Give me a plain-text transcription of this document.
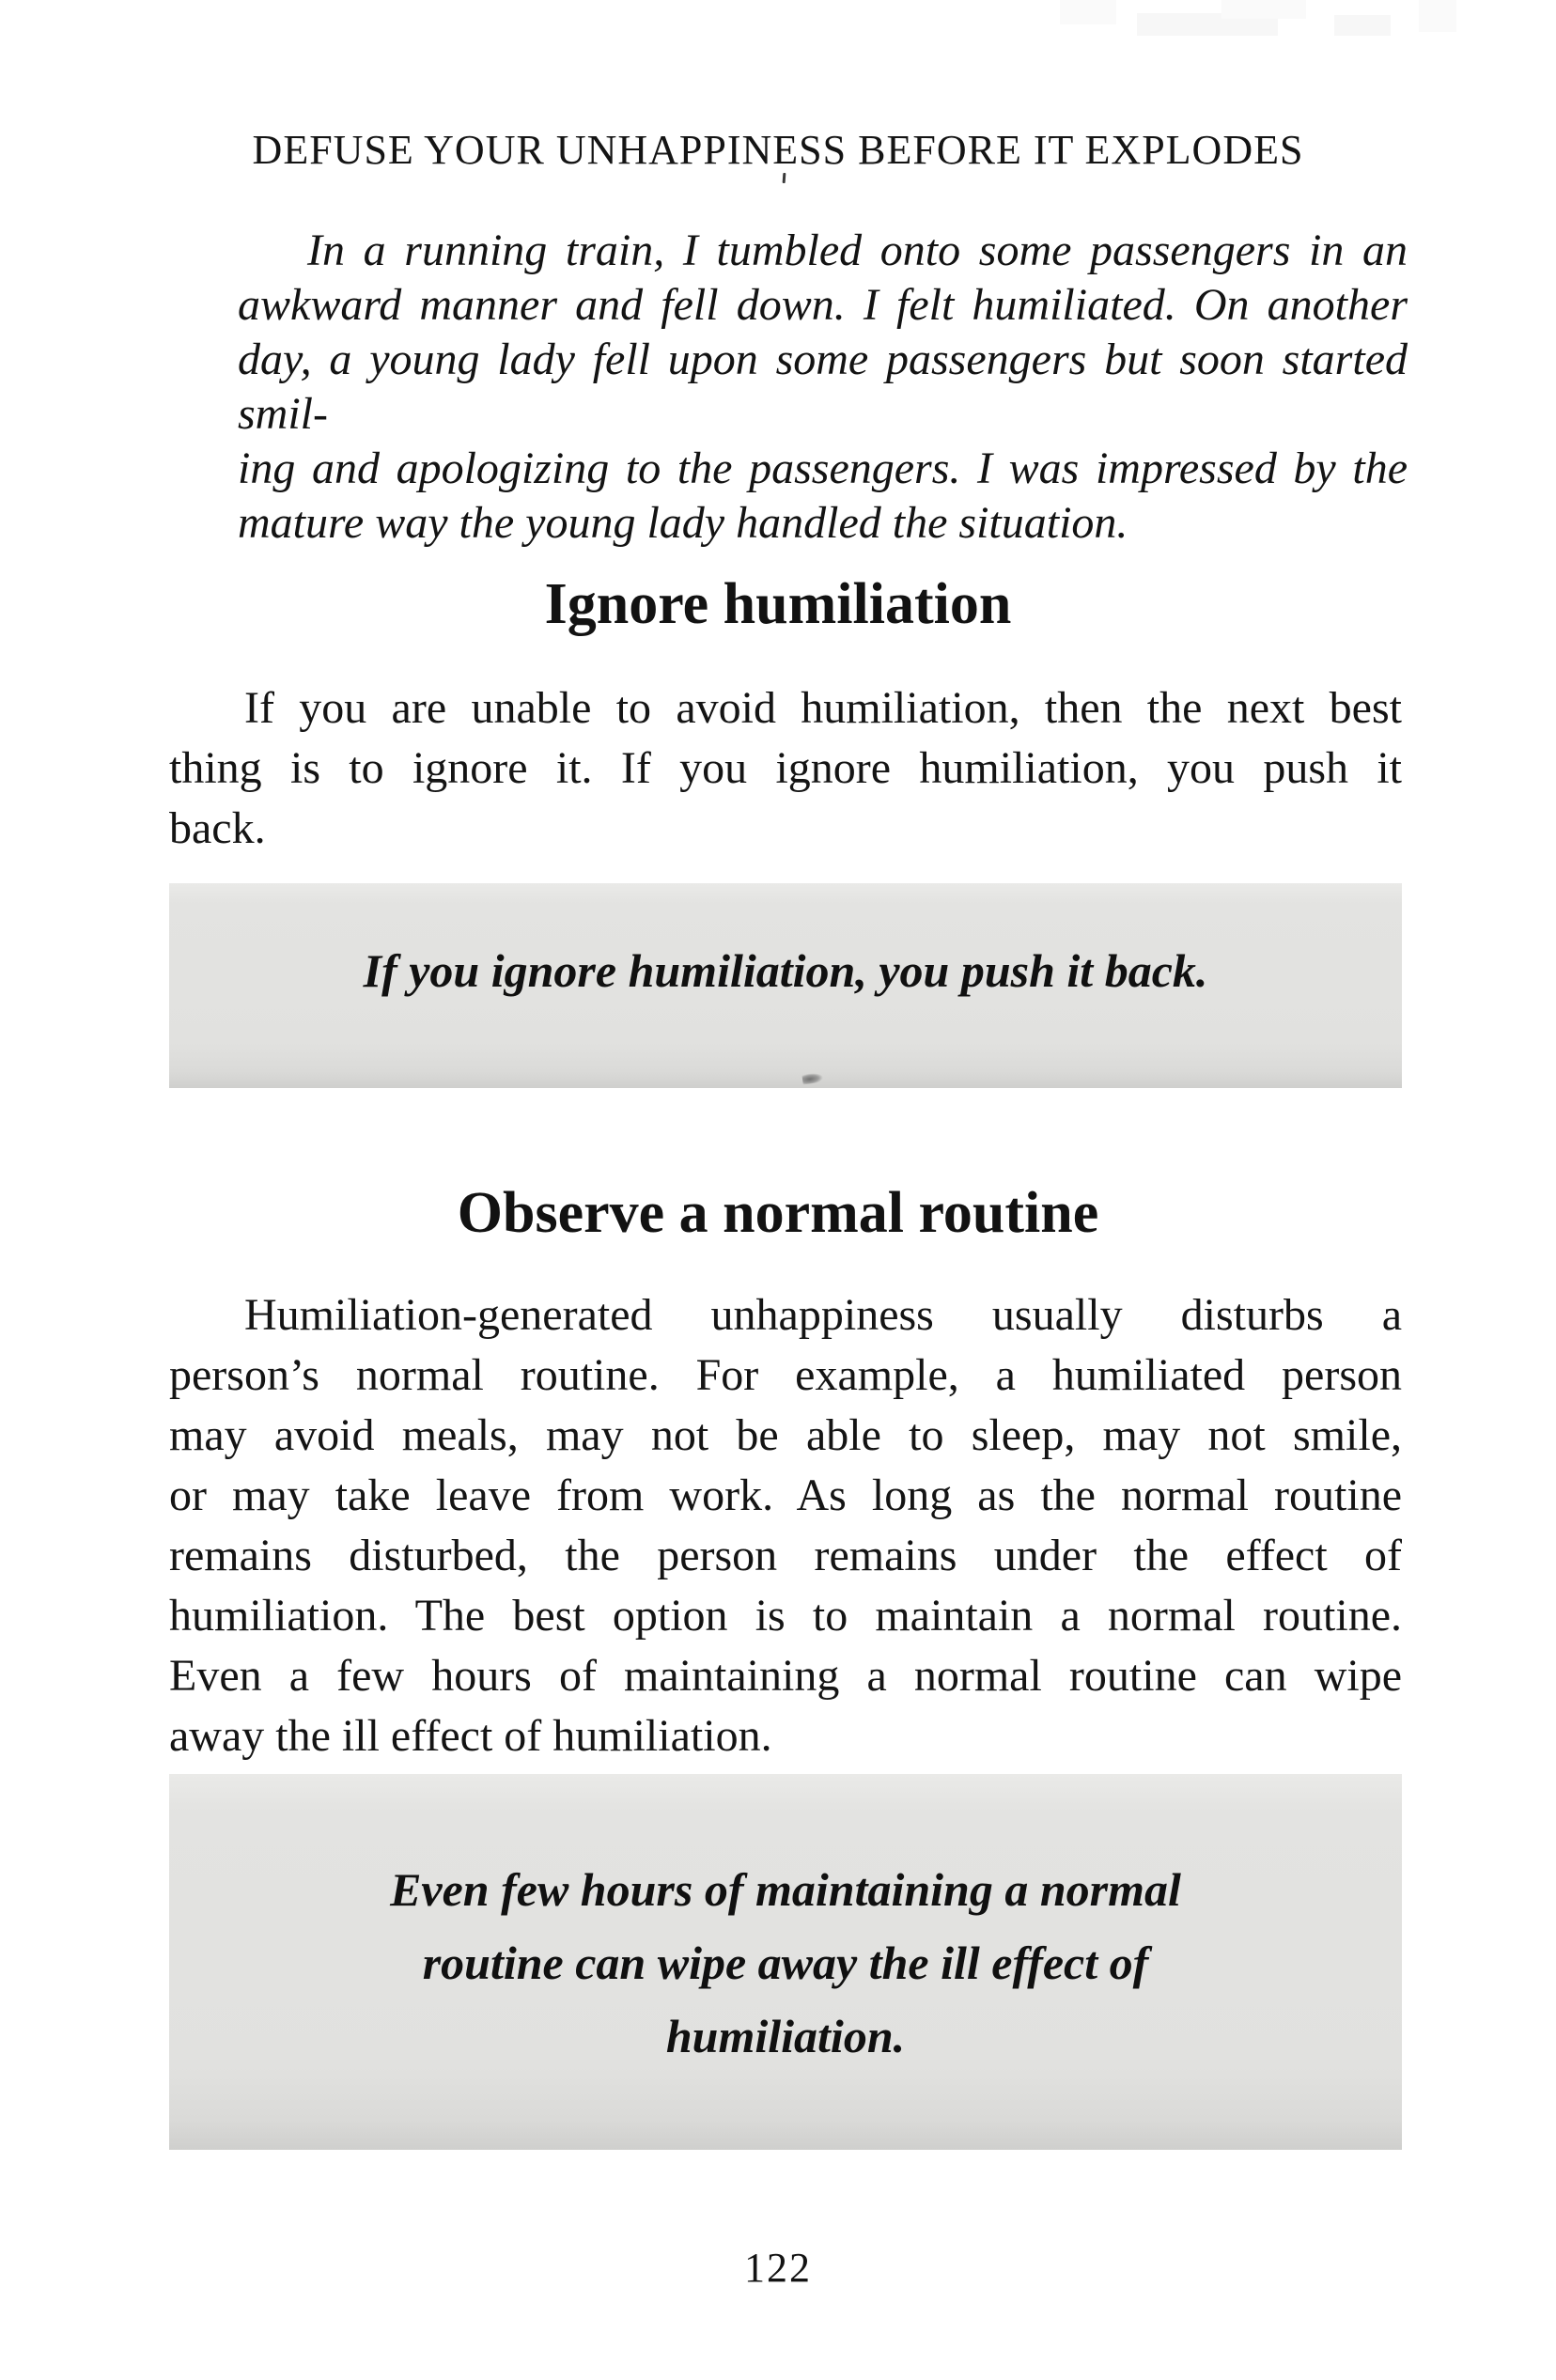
DEFUSE YOUR UNHAPPINESS BEFORE IT EXPLODES
In a running train, I tumbled onto some passengers in an
awkward manner and fell down. I felt humiliated. On another
day, a young lady fell upon some passengers but soon started smil-
ing and apologizing to the passengers. I was impressed by the
mature way the young lady handled the situation.
Ignore humiliation
If you are unable to avoid humiliation, then the next best
thing is to ignore it. If you ignore humiliation, you push it
back.
If you ignore humiliation, you push it back.
Observe a normal routine
Humiliation-generated unhappiness usually disturbs a
person’s normal routine. For example, a humiliated person
may avoid meals, may not be able to sleep, may not smile,
or may take leave from work. As long as the normal routine
remains disturbed, the person remains under the effect of
humiliation. The best option is to maintain a normal routine.
Even a few hours of maintaining a normal routine can wipe
away the ill effect of humiliation.
Even few hours of maintaining a normal
routine can wipe away the ill effect of
humiliation.
122
